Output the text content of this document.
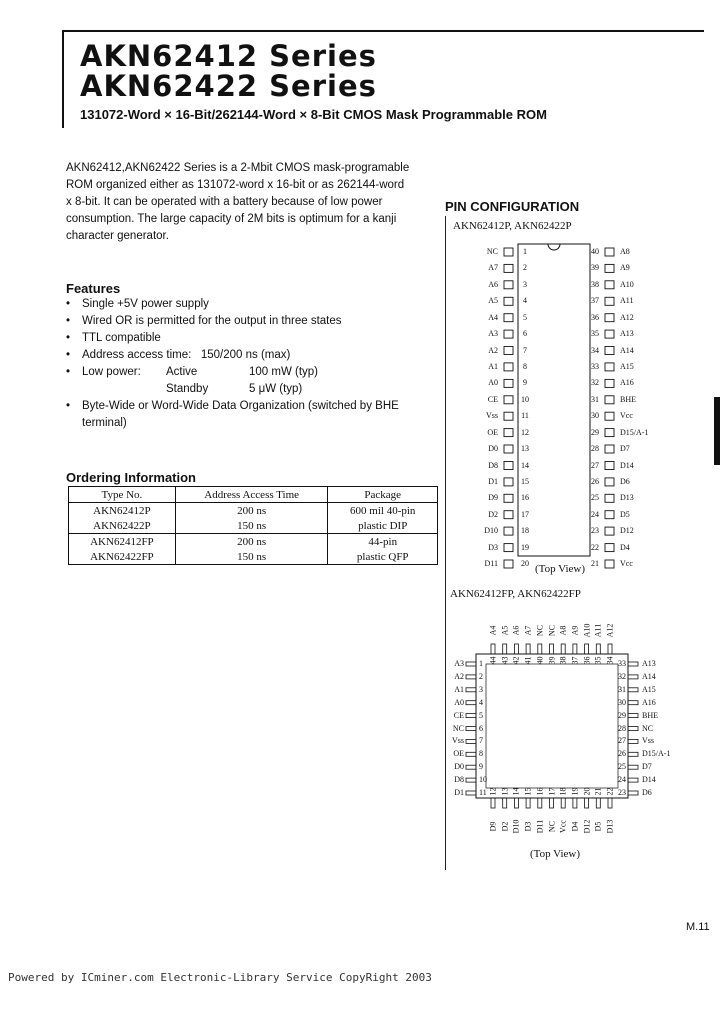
AKN62412 Series
AKN62422 Series
131072-Word × 16-Bit/262144-Word × 8-Bit CMOS Mask Programmable ROM
AKN62412,AKN62422 Series is a 2-Mbit CMOS mask-programable
ROM organized either as 131072-word x 16-bit or as 262144-word
x 8-bit. It can be operated with a battery because of low power
consumption. The large capacity of 2M bits is optimum for a kanji
character generator.
Features
• Single +5V power supply
• Wired OR is permitted for the output in three states
• TTL compatible
• Address access time:   150/200 ns (max)
• Low power: Active	100 mW (typ)
Standby	5 μW (typ)
• Byte-Wide or Word-Wide Data Organization (switched by BHE
terminal)
Ordering Information
Type No.	Address Access Time	Package
AKN62412P	200 ns	600 mil 40-pin
AKN62422P	150 ns	plastic DIP
AKN62412FP	200 ns	44-pin
AKN62422FP	150 ns	plastic QFP
PIN CONFIGURATION
AKN62412P, AKN62422P
NC	1
A7	2
A6	3
A5	4
A4	5
A3	6
A2	7
A1	8
A0	9
CE	10
Vss	11
OE	12
D0	13
D8	14
D1	15
D9	16
D2	17
D10	18
D3	19
D11	20
40	A8
39	A9
38	A10
37	A11
36	A12
35	A13
34	A14
33	A15
32	A16
31	BHE
30	Vcc
29	D15/A-1
28	D7
27	D14
26	D6
25	D13
24	D5
23	D12
22	D4
21	Vcc
(Top View)
AKN62412FP, AKN62422FP
A4
44
A5
43
A6
42
A7
41
NC
40
NC
39
A8
38
A9
37
A10
36
A11
35
A12
34
A3 1
A2 2
A1 3
A0 4
CE 5
NC 6
Vss 7
OE 8
D0 9
D8 10
D1 11
33 A13
32 A14
31 A15
30 A16
29 BHE
28 NC
27 Vss
26 D15/A-1
25 D7
24 D14
23 D6
12
D9
13
D2
14
D10
15
D3
16
D11
17
NC
18
Vcc
19
D4
20
D12
21
D5
22
D13
(Top View)
M.11
Powered by ICminer.com Electronic-Library Service CopyRight 2003
